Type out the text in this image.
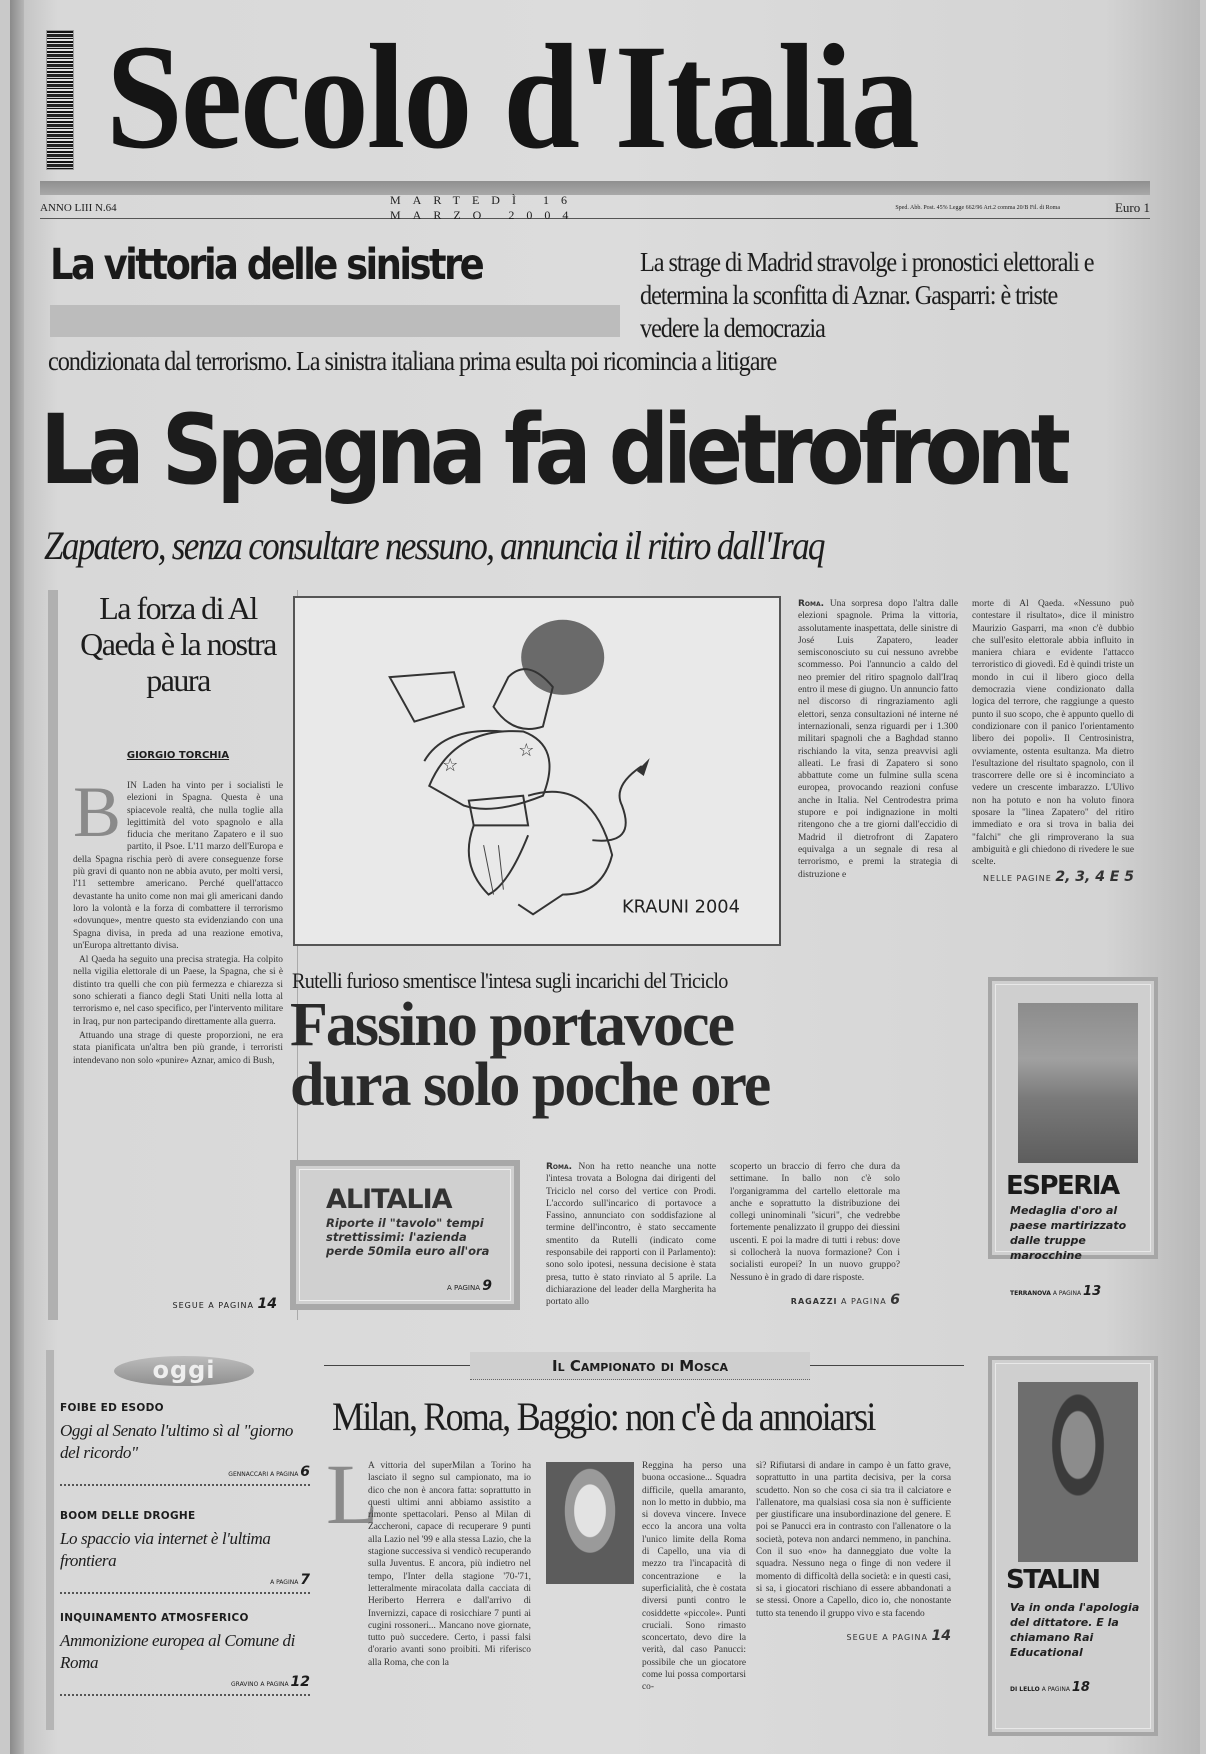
Secolo d'Italia
ANNO LIII N.64
MARTEDÌ 16 MARZO 2004	Sped. Abb. Post. 45% Legge 662/96 Art.2 comma 20/B Fil. di Roma	Euro 1
La vittoria delle sinistre	La strage di Madrid stravolge i pronostici elettorali e determina la sconfitta di Aznar. Gasparri: è triste vedere la democrazia
condizionata dal terrorismo. La sinistra italiana prima esulta poi ricomincia a litigare
La Spagna fa dietrofront
Zapatero, senza consultare nessuno, annuncia il ritiro dall'Iraq
La forza di Al Qaeda è la nostra paura
GIORGIO TORCHIA
B IN Laden ha vinto per i socialisti le elezioni in Spagna. Questa è una spiacevole realtà, che nulla toglie alla legittimità del voto spagnolo e alla fiducia che meritano Zapatero e il suo partito, il Psoe. L'11 marzo dell'Europa e della Spagna rischia però di avere conseguenze forse più gravi di quanto non ne abbia avuto, per molti versi, l'11 settembre americano. Perché quell'attacco devastante ha unito come non mai gli americani dando loro la volontà e la forza di combattere il terrorismo «dovunque», mentre questo sta evidenziando con una Spagna divisa, in preda ad una reazione emotiva, un'Europa altrettanto divisa.

Al Qaeda ha seguito una precisa strategia. Ha colpito nella vigilia elettorale di un Paese, la Spagna, che si è distinto tra quelli che con più fermezza e chiarezza si sono schierati a fianco degli Stati Uniti nella lotta al terrorismo e, nel caso specifico, per l'intervento militare in Iraq, pur non partecipando direttamente alla guerra.

Attuando una strage di queste proporzioni, ne era stata pianificata un'altra ben più grande, i terroristi intendevano non solo «punire» Aznar, amico di Bush,

SEGUE A PAGINA 14
☆
☆
KRAUNI 2004
Roma. Una sorpresa dopo l'altra dalle elezioni spagnole. Prima la vittoria, assolutamente inaspettata, delle sinistre di José Luis Zapatero, leader semisconosciuto su cui nessuno avrebbe scommesso. Poi l'annuncio a caldo del neo premier del ritiro spagnolo dall'Iraq entro il mese di giugno. Un annuncio fatto nel discorso di ringraziamento agli elettori, senza consultazioni né interne né internazionali, senza riguardi per i 1.300 militari spagnoli che a Baghdad stanno rischiando la vita, senza preavvisi agli alleati. Le frasi di Zapatero si sono abbattute come un fulmine sulla scena europea, provocando reazioni confuse anche in Italia. Nel Centrodestra prima stupore e poi indignazione in molti ritengono che a tre giorni dall'eccidio di Madrid il dietrofront di Zapatero equivalga a un segnale di resa al terrorismo, e premi la strategia di distruzione e
morte di Al Qaeda. «Nessuno può contestare il risultato», dice il ministro Maurizio Gasparri, ma «non c'è dubbio che sull'esito elettorale abbia influito in maniera chiara e evidente l'attacco terroristico di giovedì. Ed è quindi triste un mondo in cui il libero gioco della democrazia viene condizionato dalla logica del terrore, che raggiunge a questo punto il suo scopo, che è appunto quello di condizionare con il panico l'orientamento libero dei popoli». Il Centrosinistra, ovviamente, ostenta esultanza. Ma dietro l'esultazione del risultato spagnolo, con il trascorrere delle ore si è incominciato a vedere un crescente imbarazzo. L'Ulivo non ha potuto e non ha voluto finora sposare la "linea Zapatero" del ritiro immediato e ora si trova in balia dei "falchi" che gli rimproverano la sua ambiguità e gli chiedono di rivedere le sue scelte.
NELLE PAGINE 2, 3, 4 E 5
Rutelli furioso smentisce l'intesa sugli incarichi del Triciclo
Fassino portavoce
dura solo poche ore
ALITALIA
Riporte il "tavolo" tempi strettissimi: l'azienda perde 50mila euro all'ora
A PAGINA 9
Roma. Non ha retto neanche una notte l'intesa trovata a Bologna dai dirigenti del Triciclo nel corso del vertice con Prodi. L'accordo sull'incarico di portavoce a Fassino, annunciato con soddisfazione al termine dell'incontro, è stato seccamente smentito da Rutelli (indicato come responsabile dei rapporti con il Parlamento): sono solo ipotesi, nessuna decisione è stata presa, tutto è stato rinviato al 5 aprile. La dichiarazione del leader della Margherita ha portato allo
scoperto un braccio di ferro che dura da settimane. In ballo non c'è solo l'organigramma del cartello elettorale ma anche e soprattutto la distribuzione dei collegi uninominali "sicuri", che vedrebbe fortemente penalizzato il gruppo dei diessini uscenti. E poi la madre di tutti i rebus: dove si collocherà la nuova formazione? Con i socialisti europei? In un nuovo gruppo? Nessuno è in grado di dare risposte.
RAGAZZI A PAGINA 6
ESPERIA
Medaglia d'oro al paese martirizzato dalle truppe marocchine
TERRANOVA A PAGINA 13
STALIN
Va in onda l'apologia del dittatore. E la chiamano Rai Educational
DI LELLO A PAGINA 18
oggi
FOIBE ED ESODO
Oggi al Senato l'ultimo sì al "giorno del ricordo"
GENNACCARI A PAGINA 6
BOOM DELLE DROGHE
Lo spaccio via internet è l'ultima frontiera
A PAGINA 7
INQUINAMENTO ATMOSFERICO
Ammonizione europea al Comune di Roma
GRAVINO A PAGINA 12
Il Campionato di Mosca
Milan, Roma, Baggio: non c'è da annoiarsi
L
A vittoria del superMilan a Torino ha lasciato il segno sul campionato, ma io dico che non è ancora fatta: soprattutto in questi ultimi anni abbiamo assistito a rimonte spettacolari. Penso al Milan di Zaccheroni, capace di recuperare 9 punti alla Lazio nel '99 e alla stessa Lazio, che la stagione successiva si vendicò recuperando sulla Juventus. E ancora, più indietro nel tempo, l'Inter della stagione '70-'71, letteralmente miracolata dalla cacciata di Heriberto Herrera e dall'arrivo di Invernizzi, capace di rosicchiare 7 punti ai cugini rossoneri... Mancano nove giornate, tutto può succedere. Certo, i passi falsi d'orario avanti sono proibiti. Mi riferisco alla Roma, che con la
Reggina ha perso una buona occasione... Squadra difficile, quella amaranto, non lo metto in dubbio, ma si doveva vincere. Invece ecco la ancora una volta l'unico limite della Roma di Capello, una via di mezzo tra l'incapacità di concentrazione e la superficialità, che è costata diversi punti contro le cosiddette «piccole». Punti cruciali. Sono rimasto sconcertato, devo dire la verità, dal caso Panucci: possibile che un giocatore come lui possa comportarsi co-
sì? Rifiutarsi di andare in campo è un fatto grave, soprattutto in una partita decisiva, per la corsa scudetto. Non so che cosa ci sia tra il calciatore e l'allenatore, ma qualsiasi cosa sia non è sufficiente per giustificare una insubordinazione del genere. E poi se Panucci era in contrasto con l'allenatore o la società, poteva non andarci nemmeno, in panchina. Con il suo «no» ha danneggiato due volte la squadra. Nessuno nega o finge di non vedere il momento di difficoltà della società: e in questi casi, si sa, i giocatori rischiano di essere abbandonati a se stessi. Onore a Capello, dico io, che nonostante tutto sta tenendo il gruppo vivo e sta facendo
SEGUE A PAGINA 14
